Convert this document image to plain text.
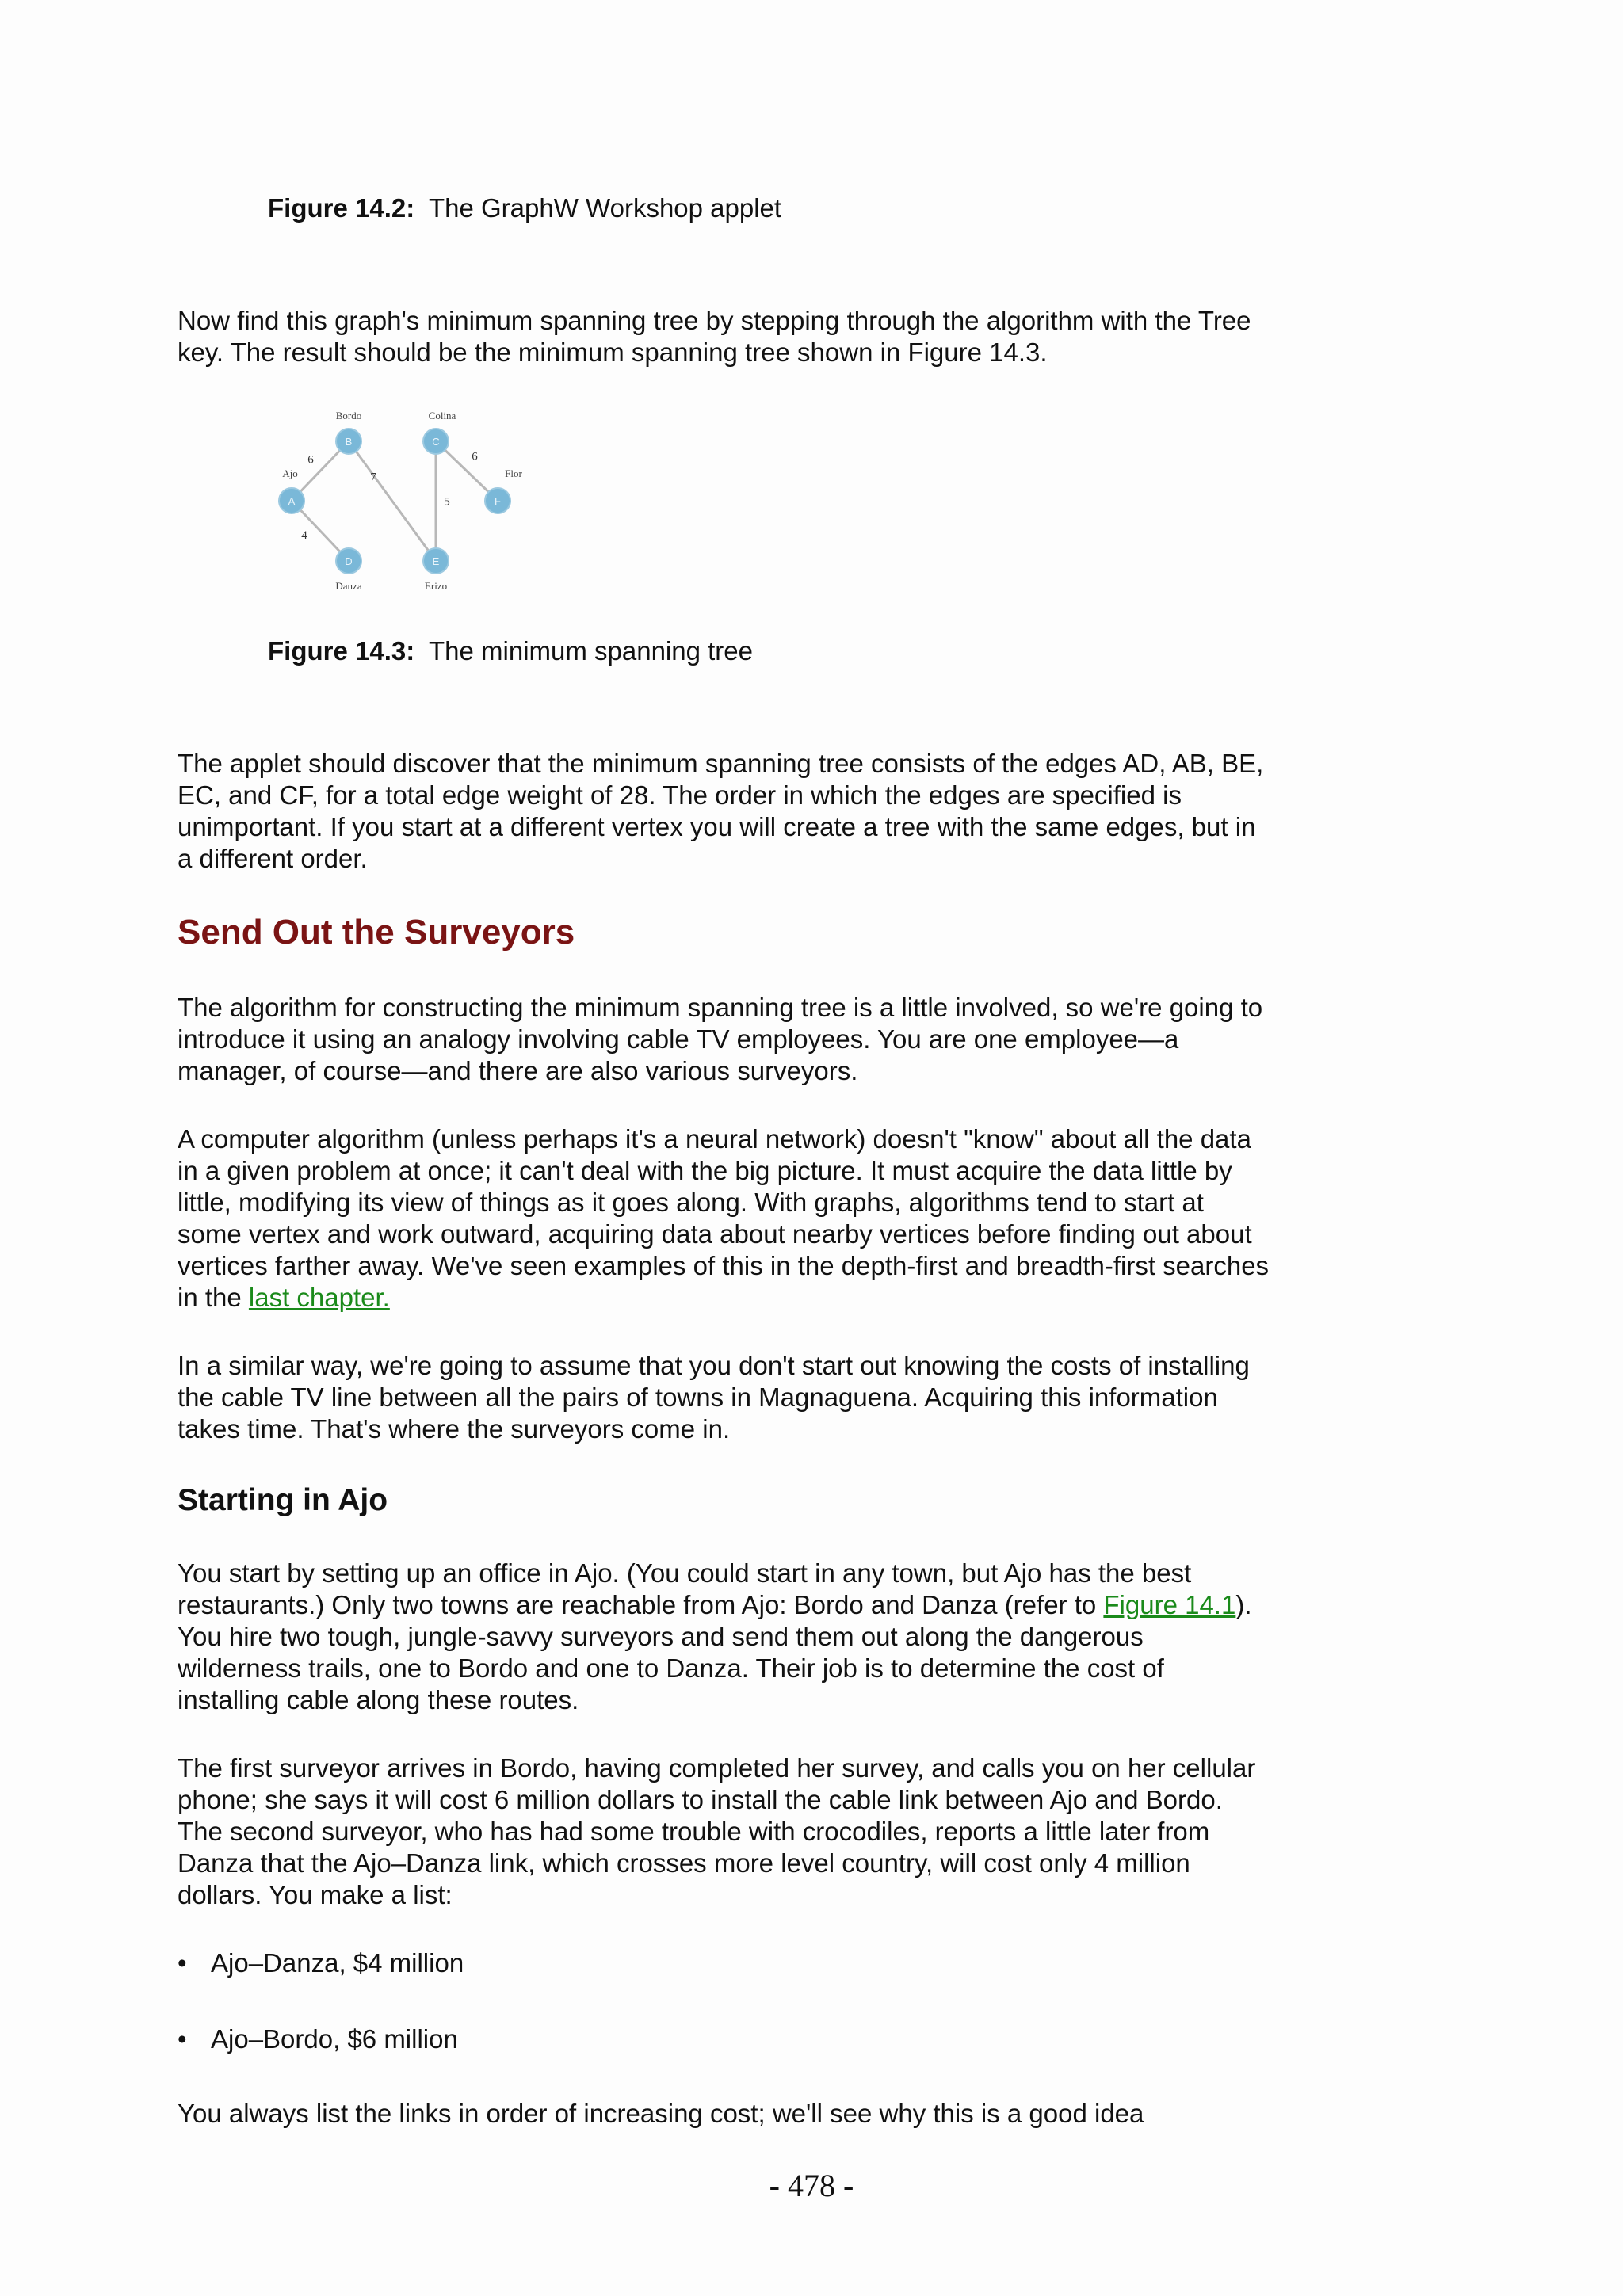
Figure 14.2: The GraphW Workshop applet

Now find this graph's minimum spanning tree by stepping through the algorithm with the Tree key. The result should be the minimum spanning tree shown in Figure 14.3.

6
4
7
5
6
A
Ajo
B
Bordo
C
Colina
D
Danza
E
Erizo
F
Flor
Figure 14.3: The minimum spanning tree

The applet should discover that the minimum spanning tree consists of the edges AD, AB, BE, EC, and CF, for a total edge weight of 28. The order in which the edges are specified is unimportant. If you start at a different vertex you will create a tree with the same edges, but in a different order.

Send Out the Surveyors

The algorithm for constructing the minimum spanning tree is a little involved, so we're going to introduce it using an analogy involving cable TV employees. You are one employee—a manager, of course—and there are also various surveyors.

A computer algorithm (unless perhaps it's a neural network) doesn't "know" about all the data in a given problem at once; it can't deal with the big picture. It must acquire the data little by little, modifying its view of things as it goes along. With graphs, algorithms tend to start at some vertex and work outward, acquiring data about nearby vertices before finding out about vertices farther away. We've seen examples of this in the depth-first and breadth-first searches in the last chapter.

In a similar way, we're going to assume that you don't start out knowing the costs of installing the cable TV line between all the pairs of towns in Magnaguena. Acquiring this information takes time. That's where the surveyors come in.

Starting in Ajo

You start by setting up an office in Ajo. (You could start in any town, but Ajo has the best restaurants.) Only two towns are reachable from Ajo: Bordo and Danza (refer to Figure 14.1). You hire two tough, jungle-savvy surveyors and send them out along the dangerous wilderness trails, one to Bordo and one to Danza. Their job is to determine the cost of installing cable along these routes.

The first surveyor arrives in Bordo, having completed her survey, and calls you on her cellular phone; she says it will cost 6 million dollars to install the cable link between Ajo and Bordo. The second surveyor, who has had some trouble with crocodiles, reports a little later from Danza that the Ajo–Danza link, which crosses more level country, will cost only 4 million dollars. You make a list:

• Ajo–Danza, $4 million
• Ajo–Bordo, $6 million

You always list the links in order of increasing cost; we'll see why this is a good idea

- 478 -
